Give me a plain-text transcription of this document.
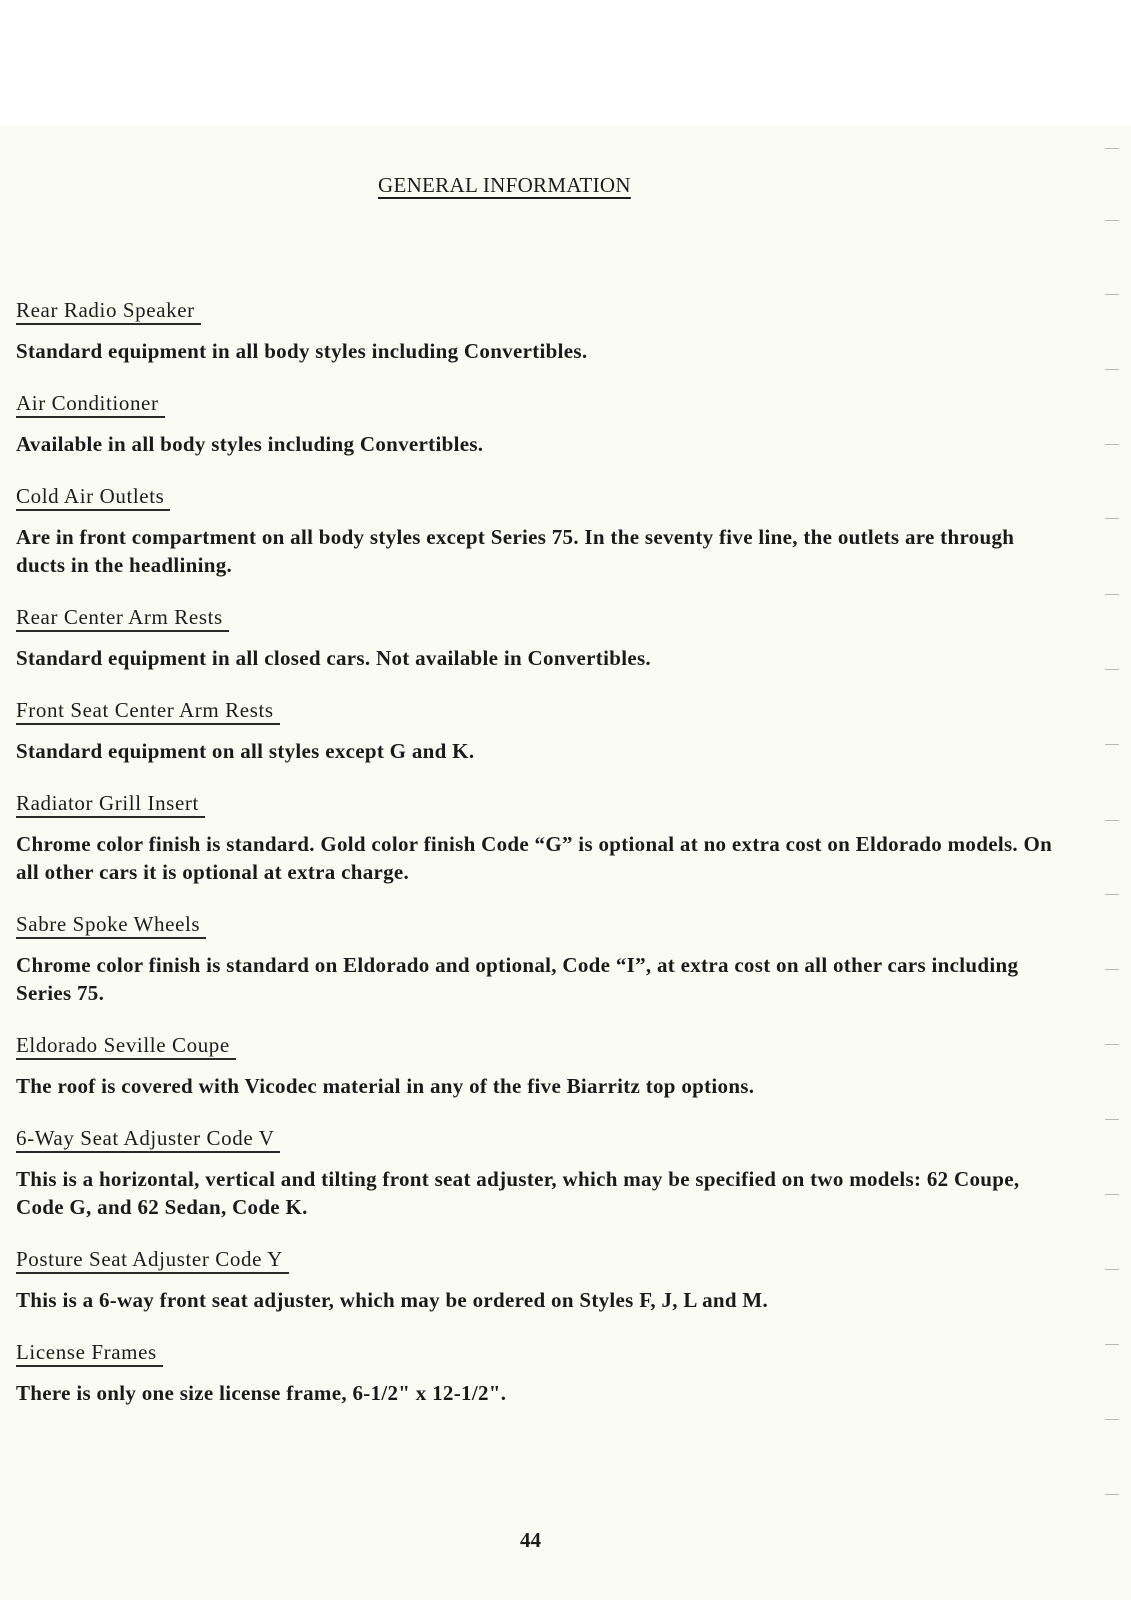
GENERAL INFORMATION
Rear Radio Speaker
Standard equipment in all body styles including Convertibles.
Air Conditioner
Available in all body styles including Convertibles.
Cold Air Outlets
Are in front compartment on all body styles except Series 75. In the seventy five line, the outlets are through ducts in the headlining.
Rear Center Arm Rests
Standard equipment in all closed cars. Not available in Convertibles.
Front Seat Center Arm Rests
Standard equipment on all styles except G and K.
Radiator Grill Insert
Chrome color finish is standard. Gold color finish Code “G” is optional at no extra cost on Eldorado models. On all other cars it is optional at extra charge.
Sabre Spoke Wheels
Chrome color finish is standard on Eldorado and optional, Code “I”, at extra cost on all other cars including Series 75.
Eldorado Seville Coupe
The roof is covered with Vicodec material in any of the five Biarritz top options.
6-Way Seat Adjuster Code V
This is a horizontal, vertical and tilting front seat adjuster, which may be specified on two models: 62 Coupe, Code G, and 62 Sedan, Code K.
Posture Seat Adjuster Code Y
This is a 6-way front seat adjuster, which may be ordered on Styles F, J, L and M.
License Frames
There is only one size license frame, 6-1/2" x 12-1/2".
44
